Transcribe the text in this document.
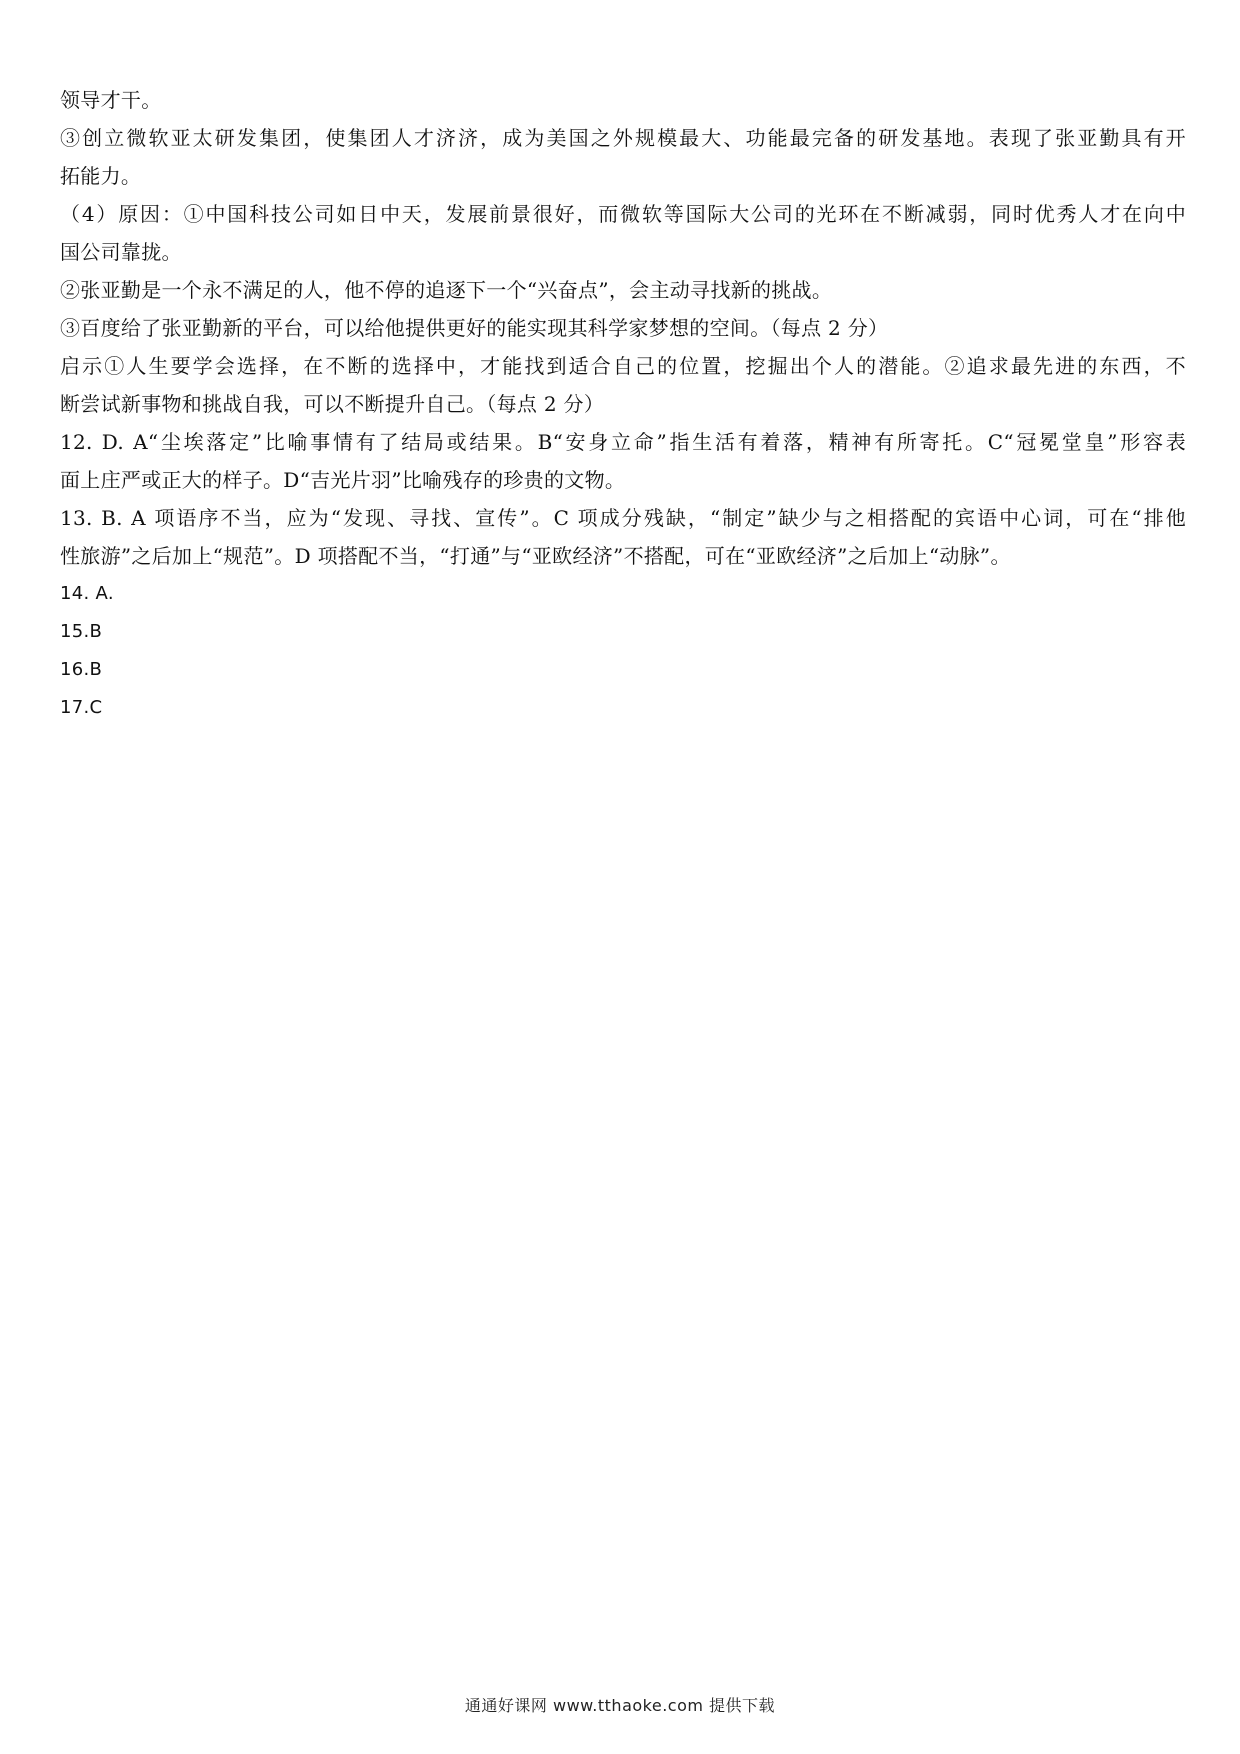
领导才干。
③创立微软亚太研发集团，使集团人才济济，成为美国之外规模最大、功能最完备的研发基地。表现了张亚勤具有开
拓能力。
（4）原因：①中国科技公司如日中天，发展前景很好，而微软等国际大公司的光环在不断减弱，同时优秀人才在向中
国公司靠拢。
②张亚勤是一个永不满足的人，他不停的追逐下一个“兴奋点”，会主动寻找新的挑战。
③百度给了张亚勤新的平台，可以给他提供更好的能实现其科学家梦想的空间。（每点 2 分）
启示①人生要学会选择，在不断的选择中，才能找到适合自己的位置，挖掘出个人的潜能。②追求最先进的东西，不
断尝试新事物和挑战自我，可以不断提升自己。（每点 2 分）
12. D. A“尘埃落定”比喻事情有了结局或结果。B“安身立命”指生活有着落，精神有所寄托。C“冠冕堂皇”形容表
面上庄严或正大的样子。D“吉光片羽”比喻残存的珍贵的文物。
13. B. A 项语序不当，应为“发现、寻找、宣传”。C 项成分残缺，“制定”缺少与之相搭配的宾语中心词，可在“排他
性旅游”之后加上“规范”。D 项搭配不当，“打通”与“亚欧经济”不搭配，可在“亚欧经济”之后加上“动脉”。
14. A.
15.B
16.B
17.C
通通好课网 www.tthaoke.com 提供下载
